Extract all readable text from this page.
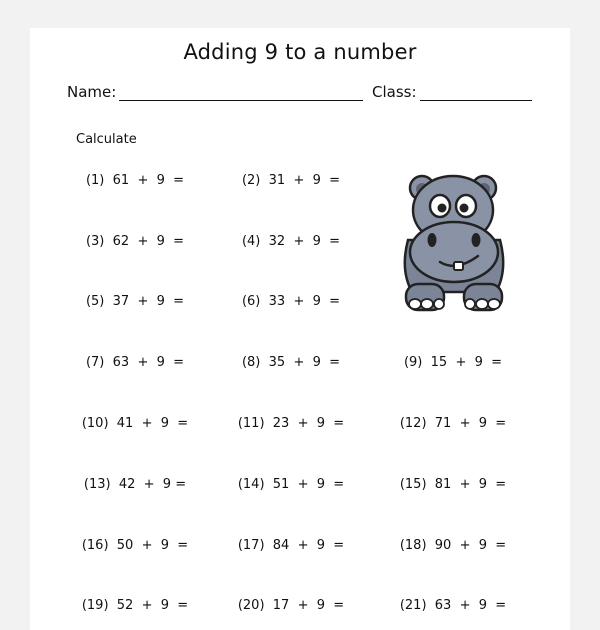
Adding 9 to a number
Name:	Class:
Calculate
(1)  61  +  9  =	(2)  31  +  9  =
(3)  62  +  9  =	(4)  32  +  9  =
(5)  37  +  9  =	(6)  33  +  9  =
(7)  63  +  9  =	(8)  35  +  9  =	(9)  15  +  9  =
(10)  41  +  9  =	(11)  23  +  9  =	(12)  71  +  9  =
(13)  42  +  9 =	(14)  51  +  9  =	(15)  81  +  9  =
(16)  50  +  9  =	(17)  84  +  9  =	(18)  90  +  9  =
(19)  52  +  9  =	(20)  17  +  9  =	(21)  63  +  9  =
